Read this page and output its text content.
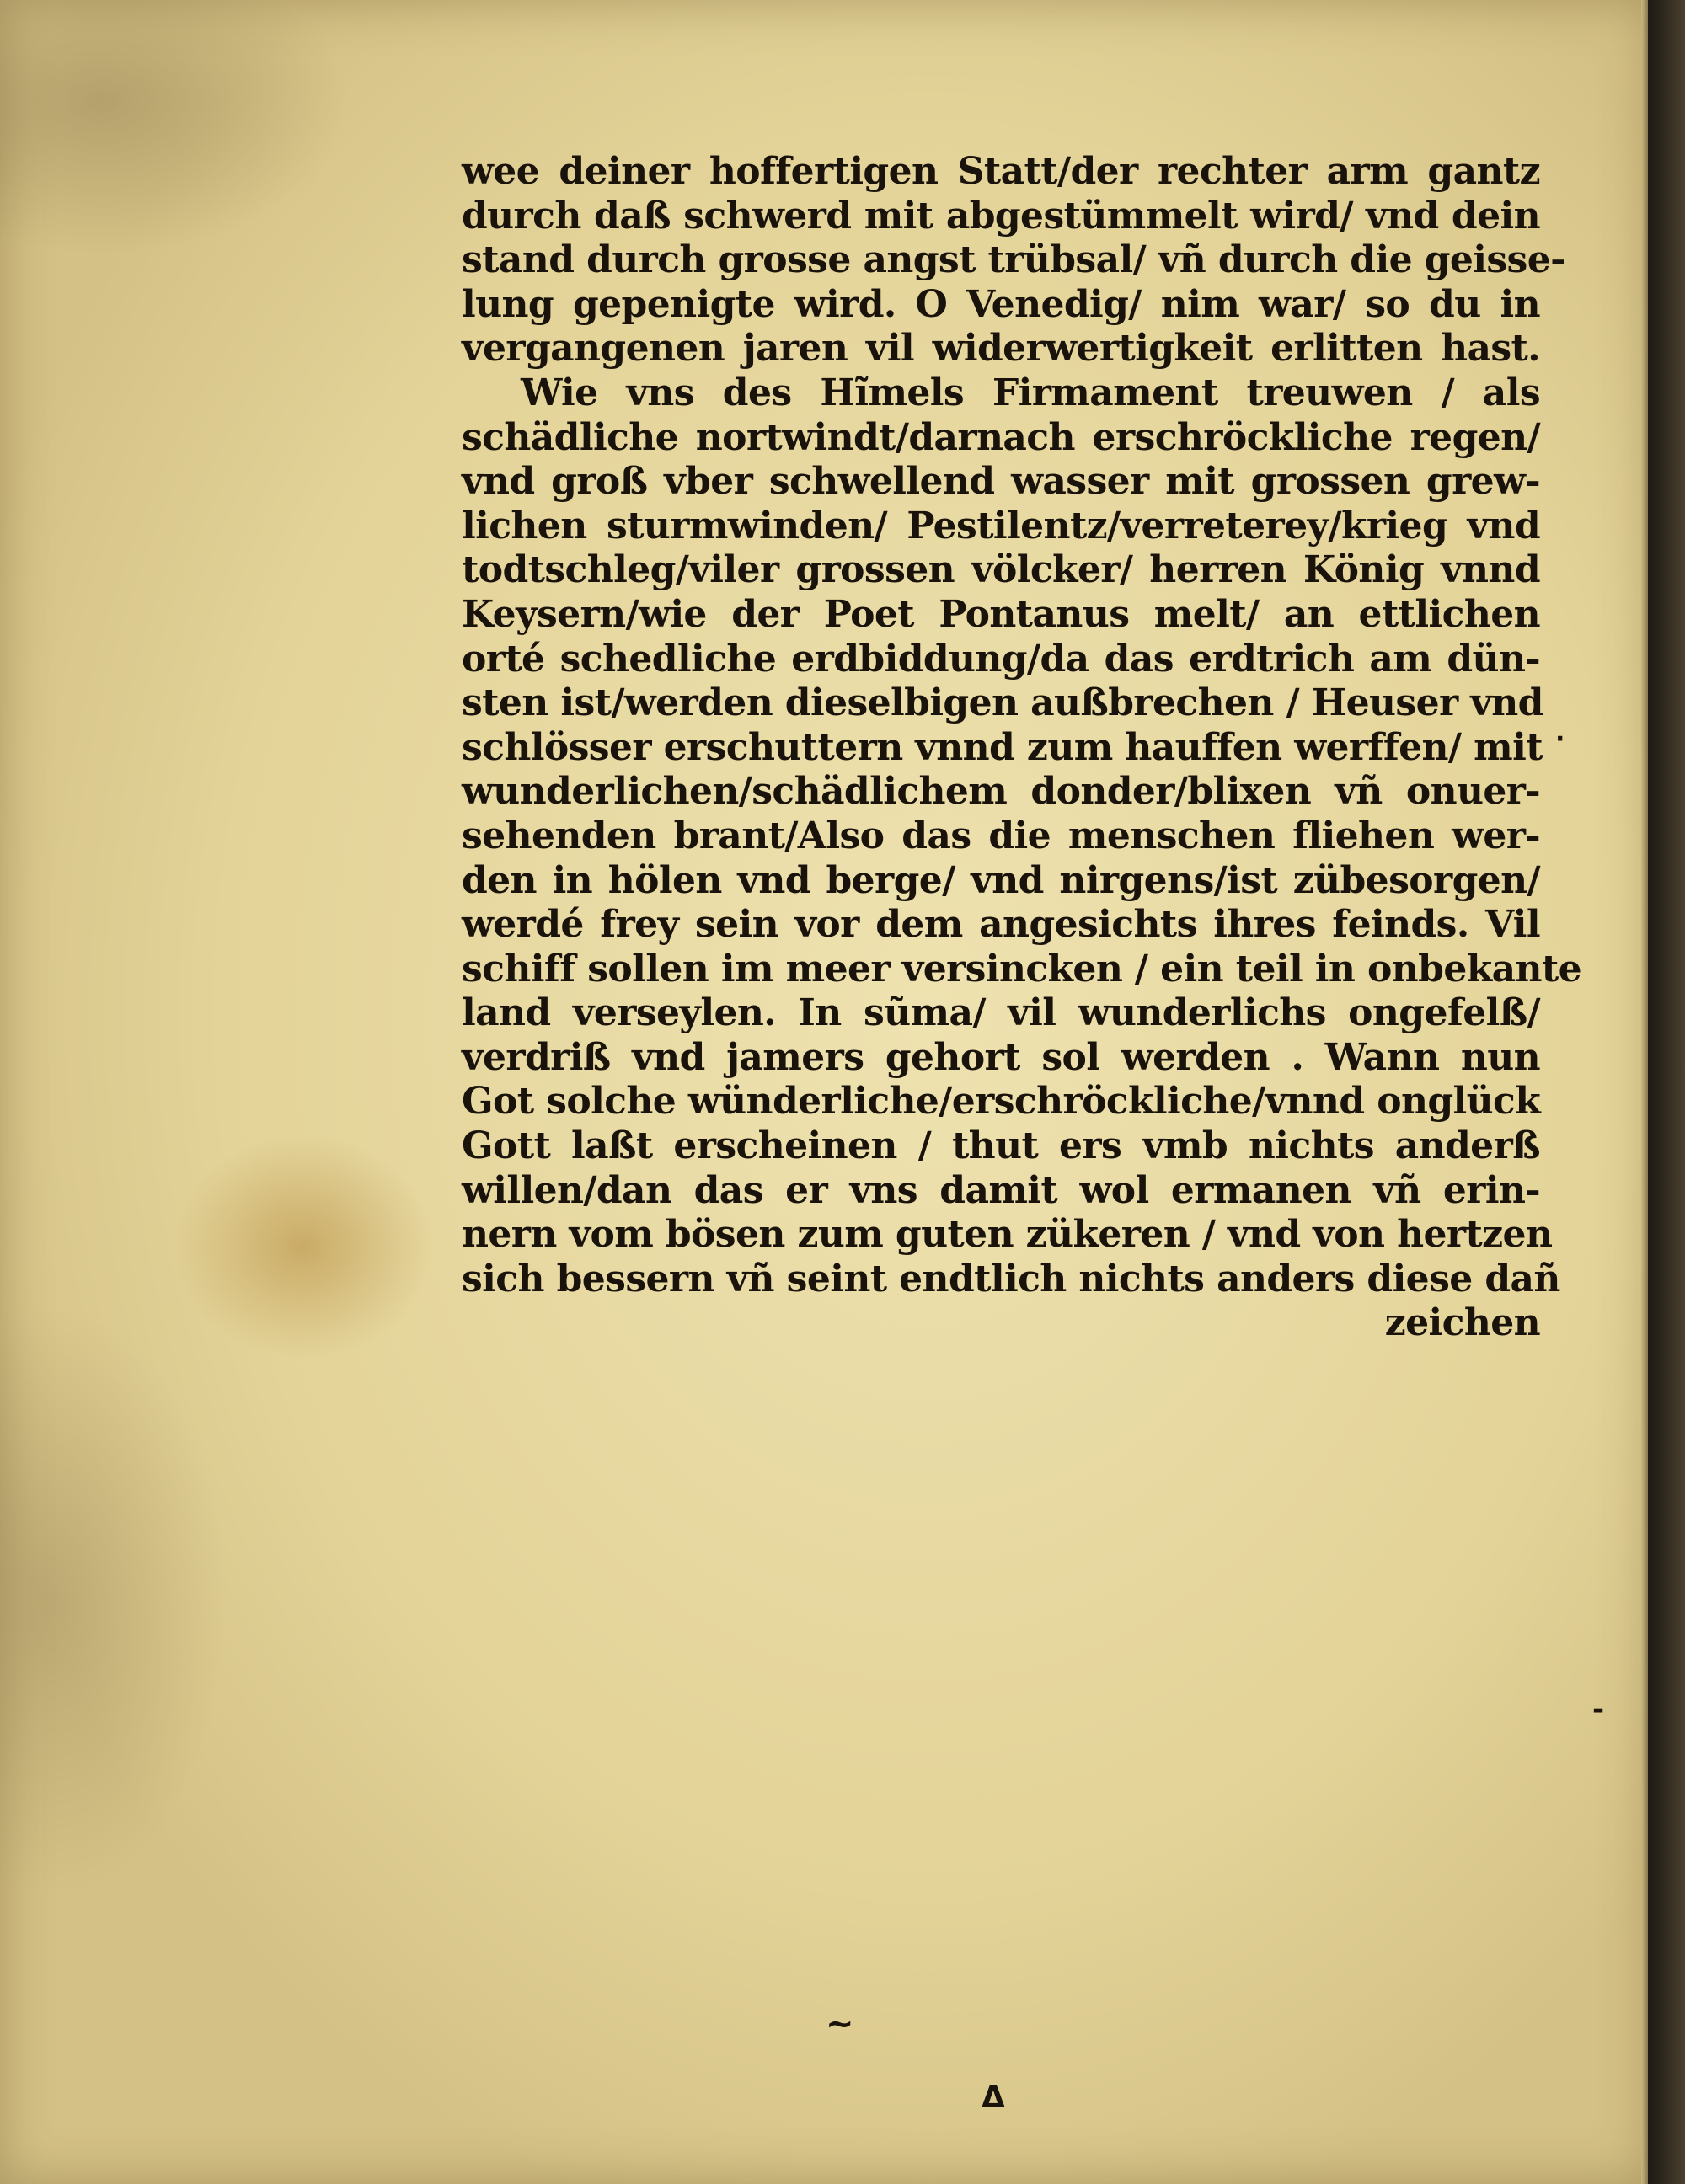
wee deiner hoffertigen Statt/der rechter arm gantz
durch daß schwerd mit abgestümmelt wird/ vnd dein
stand durch grosse angst trübsal/ vñ durch die geisse-
lung gepenigte wird. O Venedig/ nim war/ so du in
vergangenen jaren vil widerwertigkeit erlitten hast.
Wie vns des Hĩmels Firmament treuwen / als
schädliche nortwindt/darnach erschröckliche regen/
vnd groß vber schwellend wasser mit grossen grew-
lichen sturmwinden/ Pestilentz/verreterey/krieg vnd
todtschleg/viler grossen völcker/ herren König vnnd
Keysern/wie der Poet Pontanus melt/ an ettlichen
orté schedliche erdbiddung/da das erdtrich am dün-
sten ist/werden dieselbigen außbrechen / Heuser vnd
schlösser erschuttern vnnd zum hauffen werffen/ mit
wunderlichen/schädlichem donder/blixen vñ onuer-
sehenden brant/Also das die menschen fliehen wer-
den in hölen vnd berge/ vnd nirgens/ist zübesorgen/
werdé frey sein vor dem angesichts ihres feinds. Vil
schiff sollen im meer versincken / ein teil in onbekante
land verseylen. In sũma/ vil wunderlichs ongefelß/
verdriß vnd jamers gehort sol werden . Wann nun
Got solche wünderliche/erschröckliche/vnnd onglück
Gott laßt erscheinen / thut ers vmb nichts anderß
willen/dan das er vns damit wol ermanen vñ erin-
nern vom bösen zum guten zükeren / vnd von hertzen
sich bessern vñ seint endtlich nichts anders diese dañ
zeichen
~
ᐃ
·
-
